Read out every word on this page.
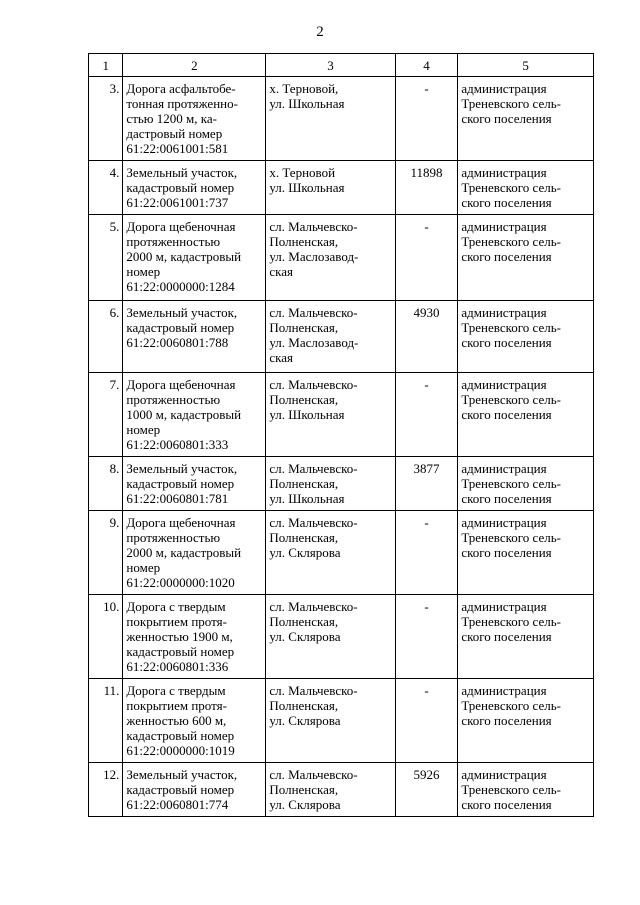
2
1	2	3	4	5
3.	Дорога асфальтобе-
тонная протяженно-
стью 1200 м, ка-
дастровый номер
61:22:0061001:581	х. Терновой,
ул. Школьная	-	администрация
Треневского сель-
ского поселения
4.	Земельный участок,
кадастровый номер
61:22:0061001:737	х. Терновой
ул. Школьная	11898	администрация
Треневского сель-
ского поселения
5.	Дорога щебеночная
протяженностью
2000 м, кадастровый
номер
61:22:0000000:1284	сл. Мальчевско-
Полненская,
ул. Маслозавод-
ская	-	администрация
Треневского сель-
ского поселения
6.	Земельный участок,
кадастровый номер
61:22:0060801:788	сл. Мальчевско-
Полненская,
ул. Маслозавод-
ская	4930	администрация
Треневского сель-
ского поселения
7.	Дорога щебеночная
протяженностью
1000 м, кадастровый
номер
61:22:0060801:333	сл. Мальчевско-
Полненская,
ул. Школьная	-	администрация
Треневского сель-
ского поселения
8.	Земельный участок,
кадастровый номер
61:22:0060801:781	сл. Мальчевско-
Полненская,
ул. Школьная	3877	администрация
Треневского сель-
ского поселения
9.	Дорога щебеночная
протяженностью
2000 м, кадастровый
номер
61:22:0000000:1020	сл. Мальчевско-
Полненская,
ул. Склярова	-	администрация
Треневского сель-
ского поселения
10.	Дорога с твердым
покрытием протя-
женностью 1900 м,
кадастровый номер
61:22:0060801:336	сл. Мальчевско-
Полненская,
ул. Склярова	-	администрация
Треневского сель-
ского поселения
11.	Дорога с твердым
покрытием протя-
женностью 600 м,
кадастровый номер
61:22:0000000:1019	сл. Мальчевско-
Полненская,
ул. Склярова	-	администрация
Треневского сель-
ского поселения
12.	Земельный участок,
кадастровый номер
61:22:0060801:774	сл. Мальчевско-
Полненская,
ул. Склярова	5926	администрация
Треневского сель-
ского поселения
